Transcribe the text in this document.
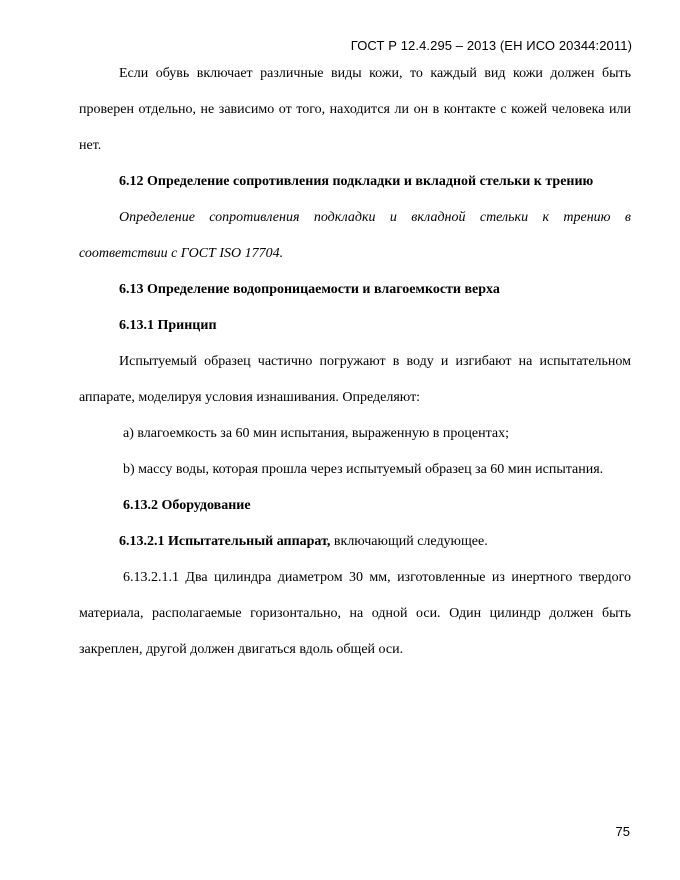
ГОСТ Р 12.4.295 – 2013 (ЕН ИСО 20344:2011)

Если обувь включает различные виды кожи, то каждый вид кожи должен быть проверен отдельно, не зависимо от того, находится ли он в контакте с кожей человека или нет.

6.12 Определение сопротивления подкладки и вкладной стельки к трению

Определение сопротивления подкладки и вкладной стельки к трению в соответствии с ГОСТ ISO 17704.

6.13 Определение водопроницаемости и влагоемкости верха

6.13.1 Принцип

Испытуемый образец частично погружают в воду и изгибают на испытательном аппарате, моделируя условия изнашивания. Определяют:

a) влагоемкость за 60 мин испытания, выраженную в процентах;

b) массу воды, которая прошла через испытуемый образец за 60 мин испытания.

6.13.2 Оборудование

6.13.2.1 Испытательный аппарат, включающий следующее.

6.13.2.1.1 Два цилиндра диаметром 30 мм, изготовленные из инертного твердого материала, располагаемые горизонтально, на одной оси. Один цилиндр должен быть закреплен, другой должен двигаться вдоль общей оси.

75
